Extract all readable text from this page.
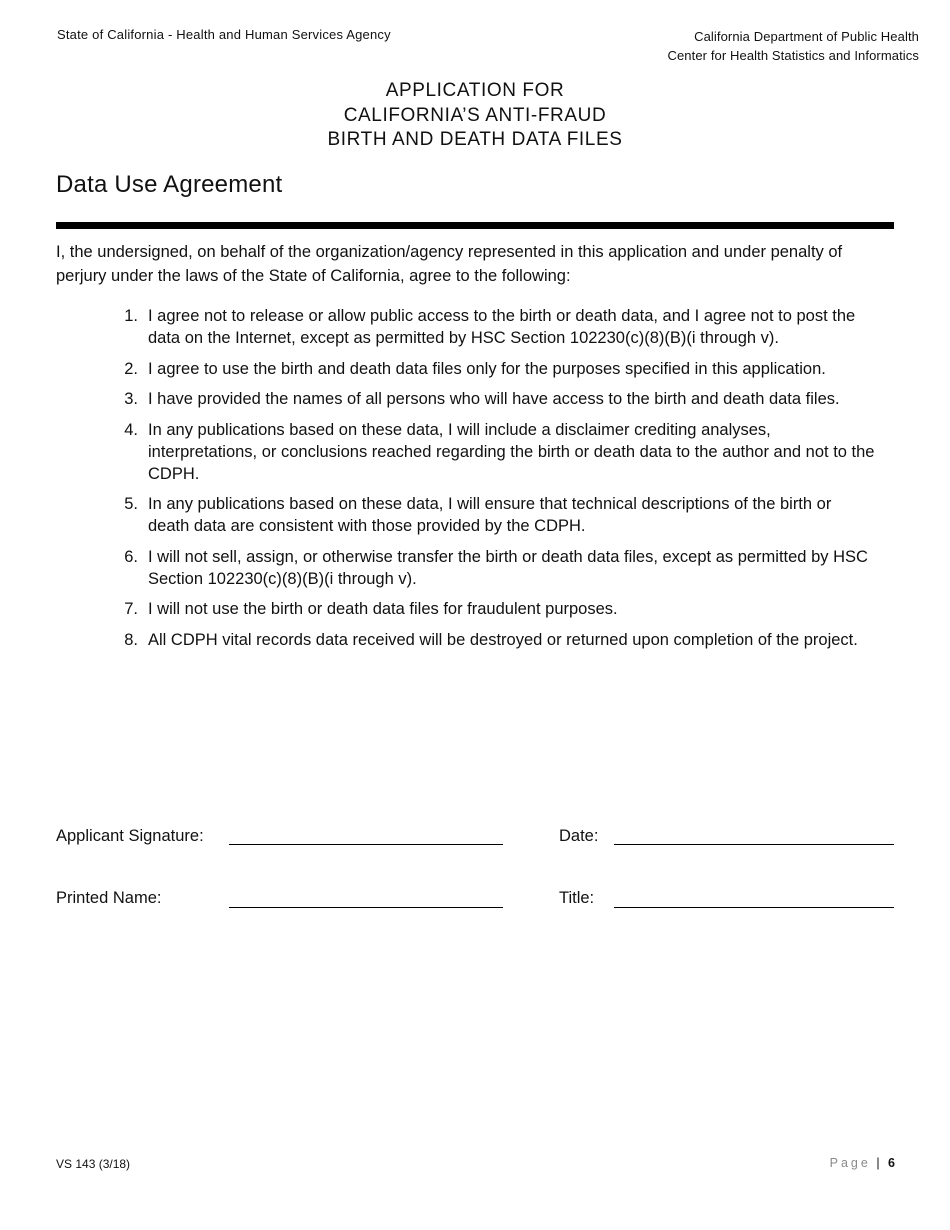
State of California - Health and Human Services Agency	California Department of Public Health
Center for Health Statistics and Informatics
APPLICATION FOR
CALIFORNIA’S ANTI-FRAUD
BIRTH AND DEATH DATA FILES
Data Use Agreement
I, the undersigned, on behalf of the organization/agency represented in this application and under penalty of perjury under the laws of the State of California, agree to the following:
1. I agree not to release or allow public access to the birth or death data, and I agree not to post the data on the Internet, except as permitted by HSC Section 102230(c)(8)(B)(i through v).
2. I agree to use the birth and death data files only for the purposes specified in this application.
3. I have provided the names of all persons who will have access to the birth and death data files.
4. In any publications based on these data, I will include a disclaimer crediting analyses, interpretations, or conclusions reached regarding the birth or death data to the author and not to the CDPH.
5. In any publications based on these data, I will ensure that technical descriptions of the birth or death data are consistent with those provided by the CDPH.
6. I will not sell, assign, or otherwise transfer the birth or death data files, except as permitted by HSC Section 102230(c)(8)(B)(i through v).
7. I will not use the birth or death data files for fraudulent purposes.
8. All CDPH vital records data received will be destroyed or returned upon completion of the project.
Applicant Signature:	Date:
Printed Name:	Title:
VS 143 (3/18)	Page | 6
